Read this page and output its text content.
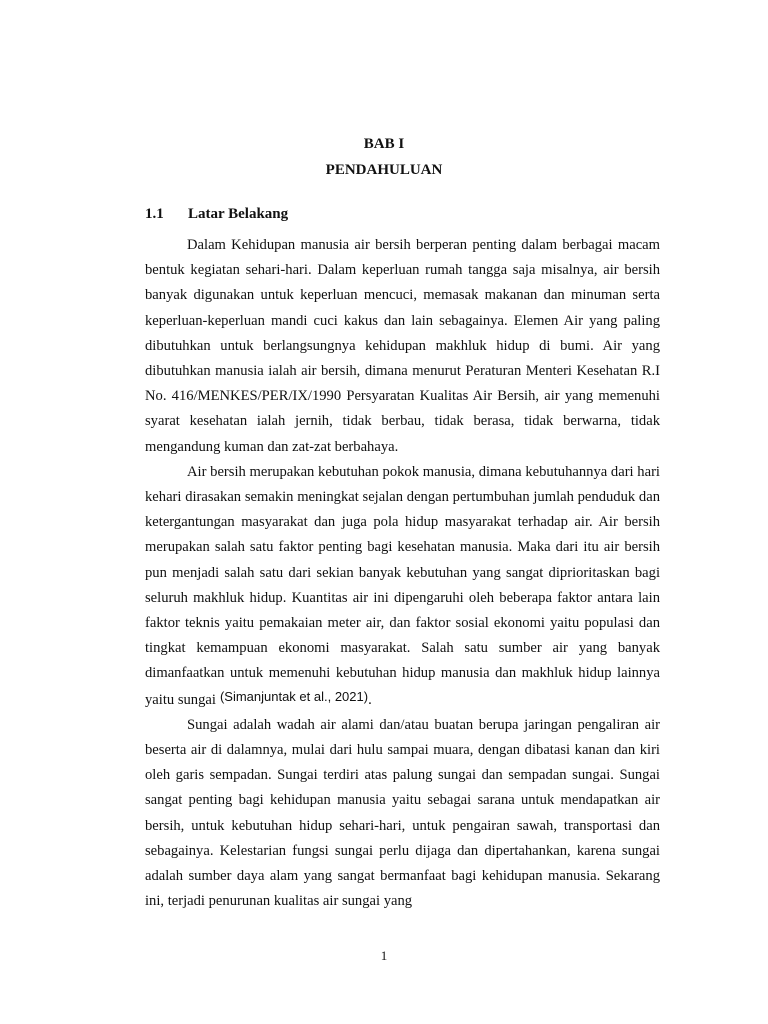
BAB I
PENDAHULUAN
1.1 Latar Belakang

Dalam Kehidupan manusia air bersih berperan penting dalam berbagai macam bentuk kegiatan sehari-hari. Dalam keperluan rumah tangga saja misalnya, air bersih banyak digunakan untuk keperluan mencuci, memasak makanan dan minuman serta keperluan-keperluan mandi cuci kakus dan lain sebagainya. Elemen Air yang paling dibutuhkan untuk berlangsungnya kehidupan makhluk hidup di bumi. Air yang dibutuhkan manusia ialah air bersih, dimana menurut Peraturan Menteri Kesehatan R.I No. 416/MENKES/PER/IX/1990 Persyaratan Kualitas Air Bersih, air yang memenuhi syarat kesehatan ialah jernih, tidak berbau, tidak berasa, tidak berwarna, tidak mengandung kuman dan zat-zat berbahaya.

Air bersih merupakan kebutuhan pokok manusia, dimana kebutuhannya dari hari kehari dirasakan semakin meningkat sejalan dengan pertumbuhan jumlah penduduk dan ketergantungan masyarakat dan juga pola hidup masyarakat terhadap air. Air bersih merupakan salah satu faktor penting bagi kesehatan manusia. Maka dari itu air bersih pun menjadi salah satu dari sekian banyak kebutuhan yang sangat diprioritaskan bagi seluruh makhluk hidup. Kuantitas air ini dipengaruhi oleh beberapa faktor antara lain faktor teknis yaitu pemakaian meter air, dan faktor sosial ekonomi yaitu populasi dan tingkat kemampuan ekonomi masyarakat. Salah satu sumber air yang banyak dimanfaatkan untuk memenuhi kebutuhan hidup manusia dan makhluk hidup lainnya yaitu sungai (Simanjuntak et al., 2021).

Sungai adalah wadah air alami dan/atau buatan berupa jaringan pengaliran air beserta air di dalamnya, mulai dari hulu sampai muara, dengan dibatasi kanan dan kiri oleh garis sempadan. Sungai terdiri atas palung sungai dan sempadan sungai. Sungai sangat penting bagi kehidupan manusia yaitu sebagai sarana untuk mendapatkan air bersih, untuk kebutuhan hidup sehari-hari, untuk pengairan sawah, transportasi dan sebagainya. Kelestarian fungsi sungai perlu dijaga dan dipertahankan, karena sungai adalah sumber daya alam yang sangat bermanfaat bagi kehidupan manusia. Sekarang ini, terjadi penurunan kualitas air sungai yang

1
